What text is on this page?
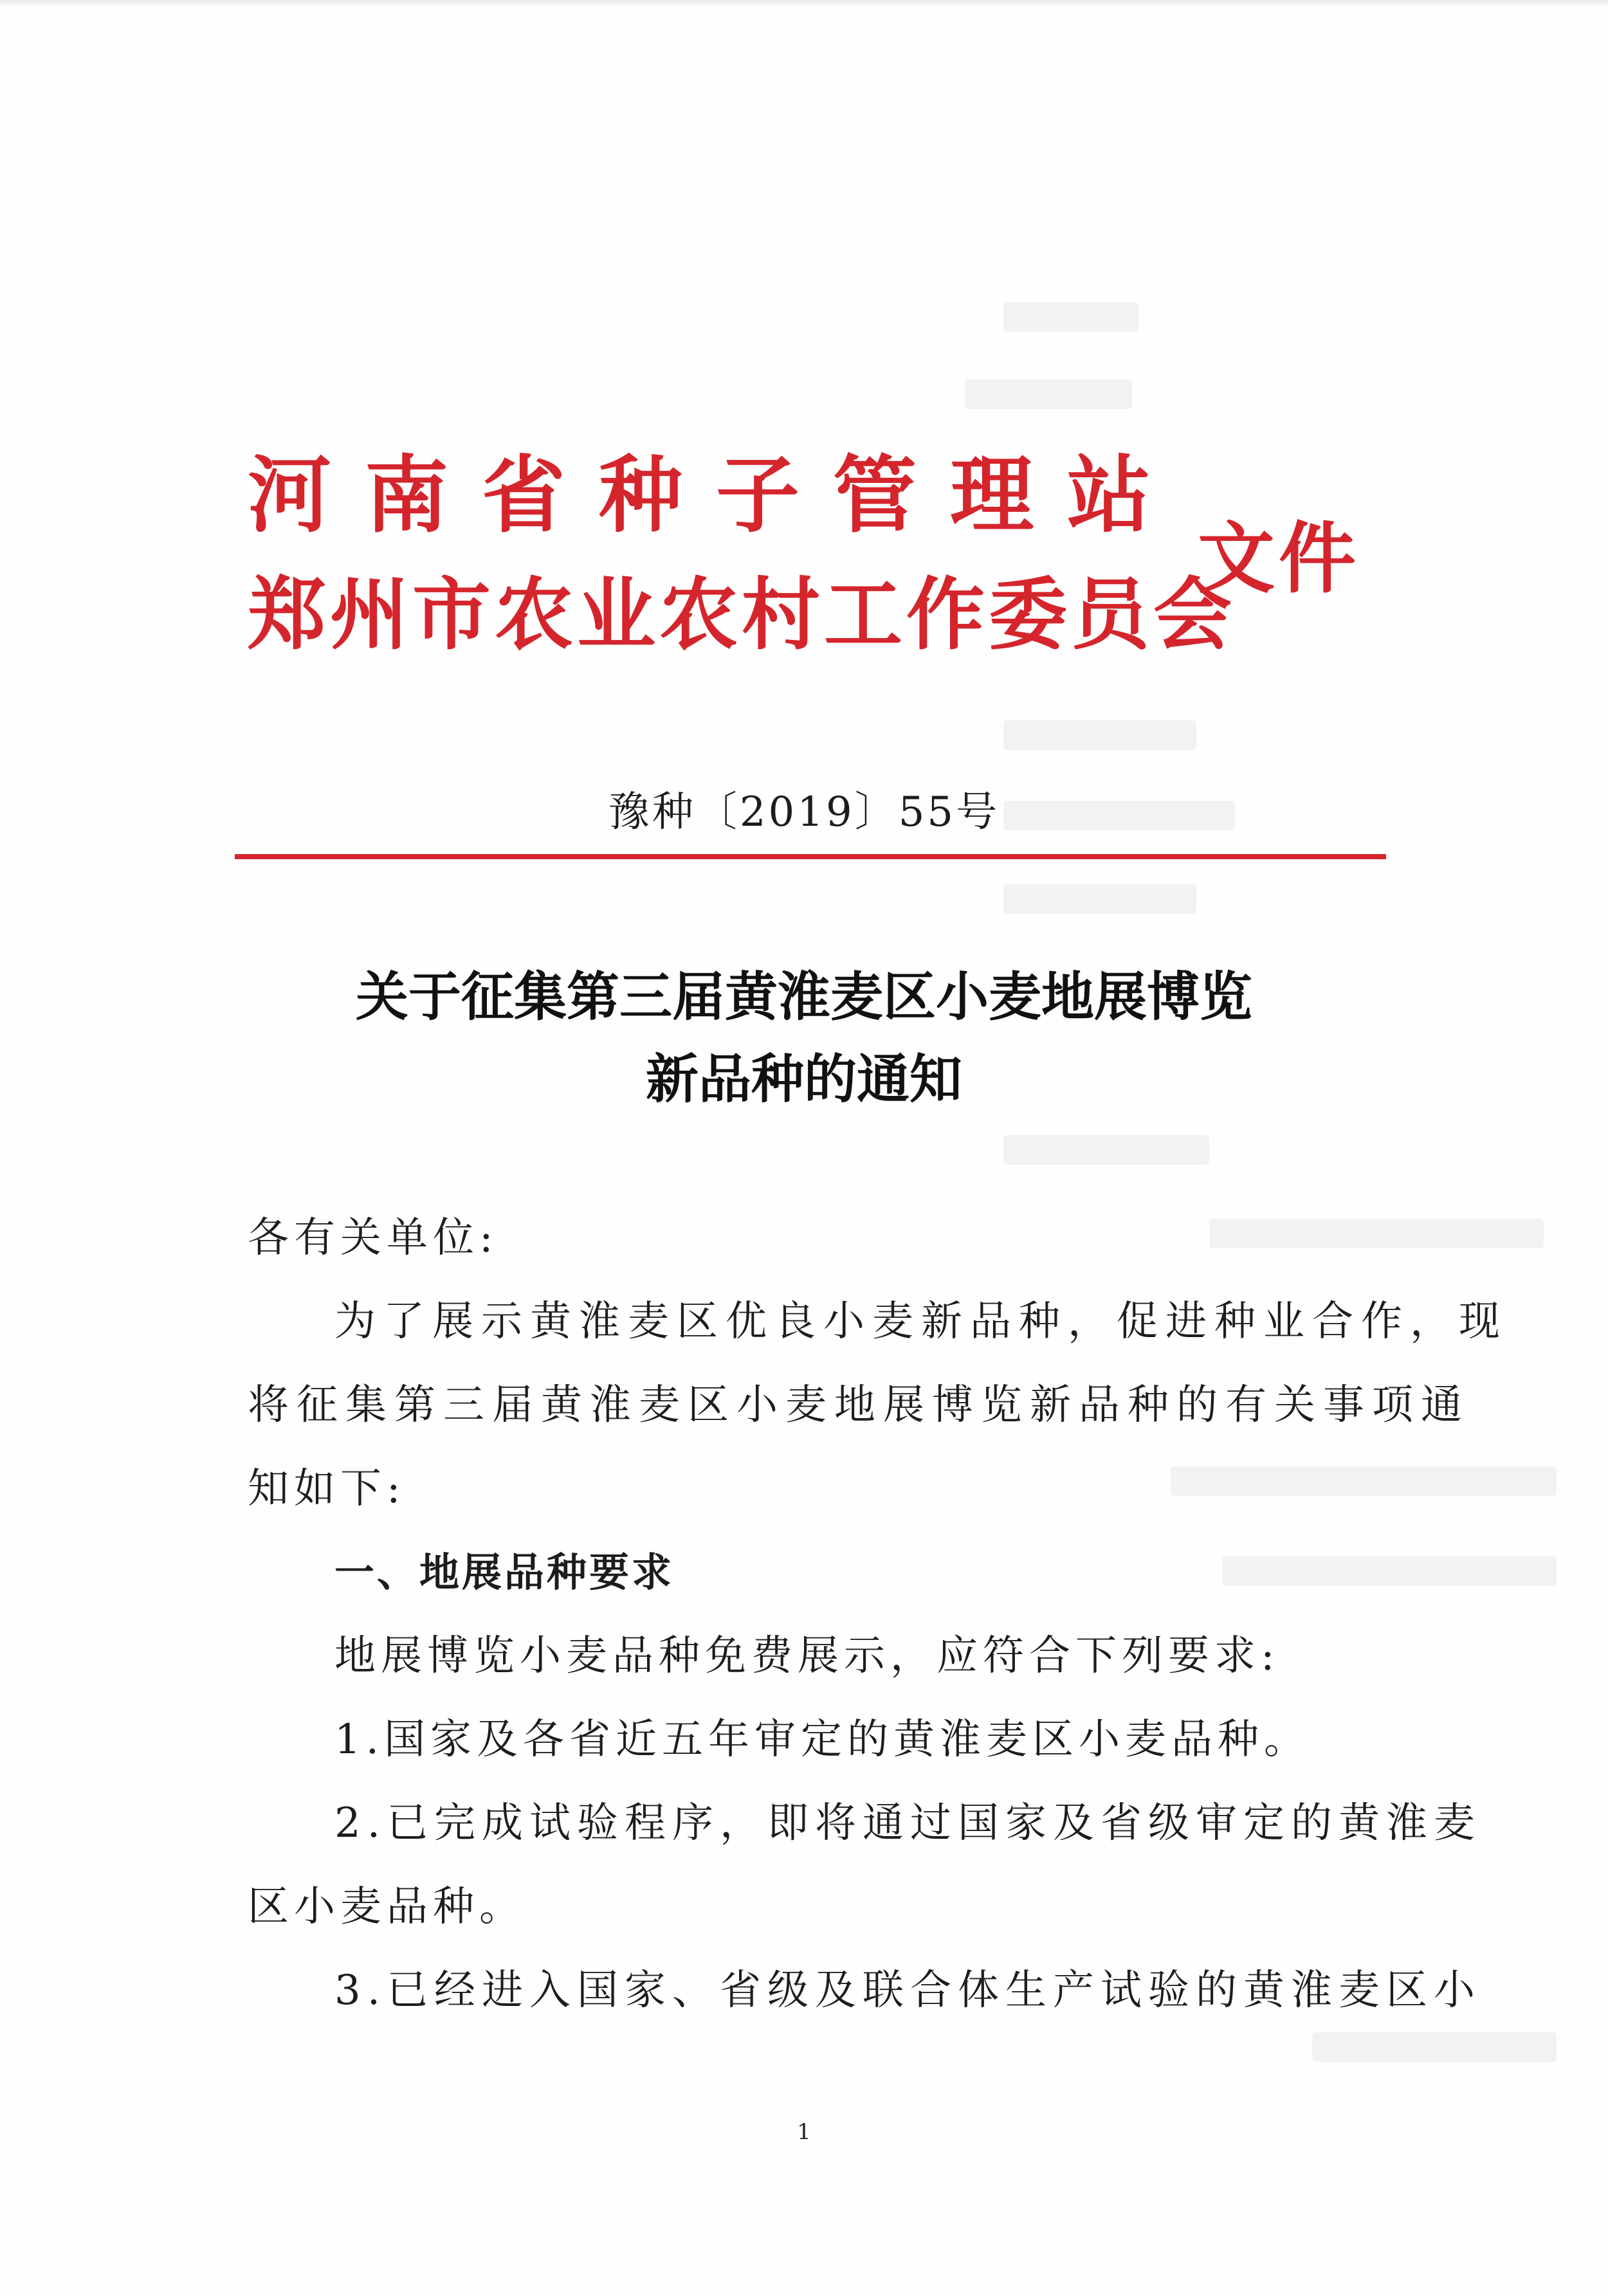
河南省种子管理站
郑州市农业农村工作委员会
文件
豫种〔2019〕55号
关于征集第三届黄淮麦区小麦地展博览
新品种的通知
各有关单位:
为了展示黄淮麦区优良小麦新品种，促进种业合作，现
将征集第三届黄淮麦区小麦地展博览新品种的有关事项通
知如下:
一、地展品种要求
地展博览小麦品种免费展示，应符合下列要求:
1.国家及各省近五年审定的黄淮麦区小麦品种。
2.已完成试验程序，即将通过国家及省级审定的黄淮麦
区小麦品种。
3.已经进入国家、省级及联合体生产试验的黄淮麦区小
1
